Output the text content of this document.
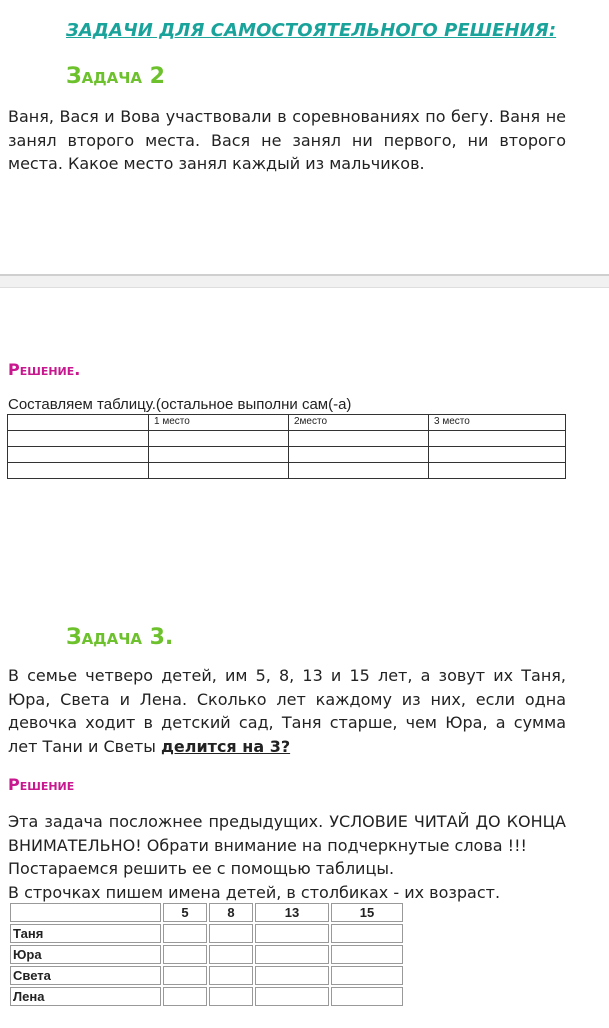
ЗАДАЧИ ДЛЯ САМОСТОЯТЕЛЬНОГО РЕШЕНИЯ:
Задача 2
Ваня, Вася и Вова участвовали в соревнованиях по бегу. Ваня не занял второго места. Вася не занял ни первого, ни второго места. Какое место занял каждый из мальчиков.
Решение.
Составляем таблицу.(остальное выполни сам(-а)
	1 место	2место	3 место

Задача 3.
В семье четверо детей, им 5, 8, 13 и 15 лет, а зовут их Таня, Юра, Света и Лена. Сколько лет каждому из них, если одна девочка ходит в детский сад, Таня старше, чем Юра, а сумма лет Тани и Светы делится на 3?
Решение
Эта задача посложнее предыдущих. УСЛОВИЕ ЧИТАЙ ДО КОНЦА ВНИМАТЕЛЬНО! Обрати внимание на подчеркнутые слова !!!
Постараемся решить ее с помощью таблицы.
В строчках пишем имена детей, в столбиках - их возраст.
	5	8	13	15
Таня				
Юра				
Света				
Лена				
